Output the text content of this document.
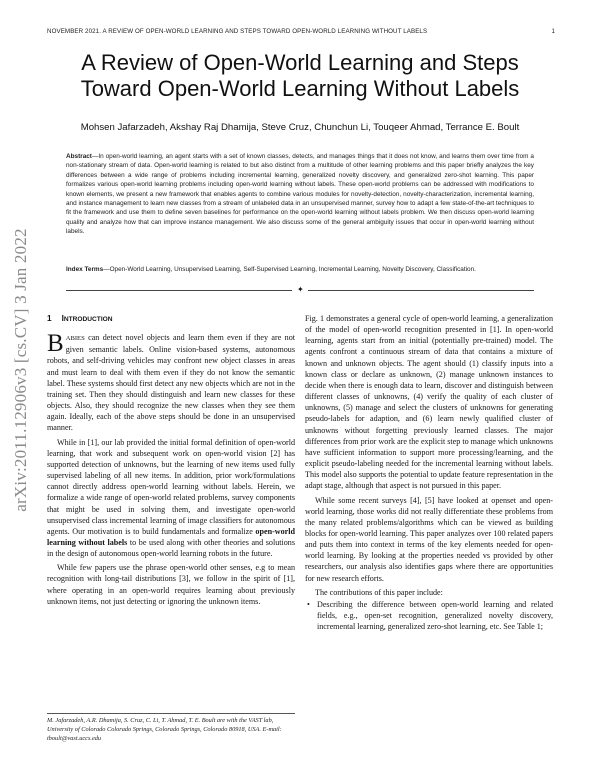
NOVEMBER 2021. A REVIEW OF OPEN-WORLD LEARNING AND STEPS TOWARD OPEN-WORLD LEARNING WITHOUT LABELS	1
A Review of Open-World Learning and Steps
Toward Open-World Learning Without Labels
Mohsen Jafarzadeh, Akshay Raj Dhamija, Steve Cruz, Chunchun Li, Touqeer Ahmad, Terrance E. Boult
arXiv:2011.12906v3 [cs.CV] 3 Jan 2022
Abstract—In open-world learning, an agent starts with a set of known classes, detects, and manages things that it does not know, and learns them over time from a non-stationary stream of data. Open-world learning is related to but also distinct from a multitude of other learning problems and this paper briefly analyzes the key differences between a wide range of problems including incremental learning, generalized novelty discovery, and generalized zero-shot learning. This paper formalizes various open-world learning problems including open-world learning without labels. These open-world problems can be addressed with modifications to known elements, we present a new framework that enables agents to combine various modules for novelty-detection, novelty-characterization, incremental learning, and instance management to learn new classes from a stream of unlabeled data in an unsupervised manner, survey how to adapt a few state-of-the-art techniques to fit the framework and use them to define seven baselines for performance on the open-world learning without labels problem. We then discuss open-world learning quality and analyze how that can improve instance management. We also discuss some of the general ambiguity issues that occur in open-world learning without labels.
Index Terms—Open-World Learning, Unsupervised Learning, Self-Supervised Learning, Incremental Learning, Novelty Discovery, Classification.
✦
1 INTRODUCTION

BABIES can detect novel objects and learn them even if they are not given semantic labels. Online vision-based systems, autonomous robots, and self-driving vehicles may confront new object classes in areas and must learn to deal with them even if they do not know the semantic label. These systems should first detect any new objects which are not in the training set. Then they should distinguish and learn new classes for these objects. Also, they should recognize the new classes when they see them again. Ideally, each of the above steps should be done in an unsupervised manner.

While in [1], our lab provided the initial formal definition of open-world learning, that work and subsequent work on open-world vision [2] has supported detection of unknowns, but the learning of new items used fully supervised labeling of all new items. In addition, prior work/formulations cannot directly address open-world learning without labels. Herein, we formalize a wide range of open-world related problems, survey components that might be used in solving them, and investigate open-world unsupervised class incremental learning of image classifiers for autonomous agents. Our motivation is to build fundamentals and formalize open-world learning without labels to be used along with other theories and solutions in the design of autonomous open-world learning robots in the future.

While few papers use the phrase open-world other senses, e.g to mean recognition with long-tail distributions [3], we follow in the spirit of [1], where operating in an open-world requires learning about previously unknown items, not just detecting or ignoring the unknown items.

M. Jafarzadeh, A.R. Dhamija, S. Cruz, C. Li, T. Ahmad, T. E. Boult are with the VAST lab, University of Colorado Colorado Springs, Colorado Springs, Colorado 80918, USA. E-mail: tboult@vast.uccs.edu

Fig. 1 demonstrates a general cycle of open-world learning, a generalization of the model of open-world recognition presented in [1]. In open-world learning, agents start from an initial (potentially pre-trained) model. The agents confront a continuous stream of data that contains a mixture of known and unknown objects. The agent should (1) classify inputs into a known class or declare as unknown, (2) manage unknown instances to decide when there is enough data to learn, discover and distinguish between different classes of unknowns, (4) verify the quality of each cluster of unknowns, (5) manage and select the clusters of unknowns for generating pseudo-labels for adaption, and (6) learn newly qualified cluster of unknowns without forgetting previously learned classes. The major differences from prior work are the explicit step to manage which unknowns have sufficient information to support more processing/learning, and the explicit pseudo-labeling needed for the incremental learning without labels. This model also supports the potential to update feature representation in the adapt stage, although that aspect is not pursued in this paper.

While some recent surveys [4], [5] have looked at openset and open-world learning, those works did not really differentiate these problems from the many related problems/algorithms which can be viewed as building blocks for open-world learning. This paper analyzes over 100 related papers and puts them into context in terms of the key elements needed for open-world learning. By looking at the properties needed vs provided by other researchers, our analysis also identifies gaps where there are opportunities for new research efforts.

The contributions of this paper include:

• Describing the difference between open-world learning and related fields, e.g., open-set recognition, generalized novelty discovery, incremental learning, generalized zero-shot learning, etc. See Table 1;
